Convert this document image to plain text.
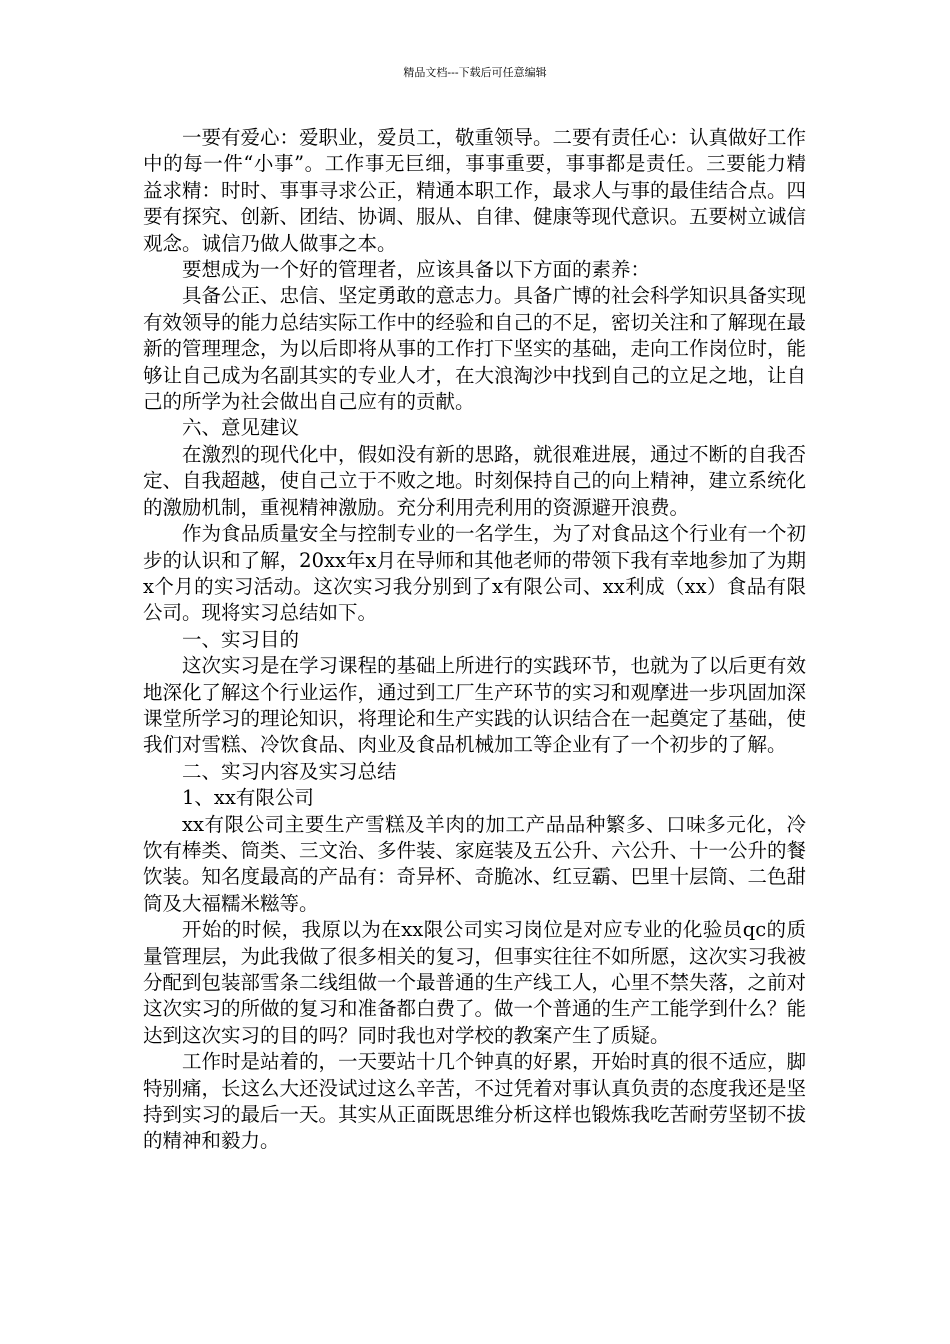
精品文档---下载后可任意编辑

一要有爱心：爱职业，爱员工，敬重领导。二要有责任心：认真做好工作中的每一件“小事”。工作事无巨细，事事重要，事事都是责任。三要能力精益求精：时时、事事寻求公正，精通本职工作，最求人与事的最佳结合点。四要有探究、创新、团结、协调、服从、自律、健康等现代意识。五要树立诚信观念。诚信乃做人做事之本。

要想成为一个好的管理者，应该具备以下方面的素养：

具备公正、忠信、坚定勇敢的意志力。具备广博的社会科学知识具备实现有效领导的能力总结实际工作中的经验和自己的不足，密切关注和了解现在最新的管理理念，为以后即将从事的工作打下坚实的基础，走向工作岗位时，能够让自己成为名副其实的专业人才，在大浪淘沙中找到自己的立足之地，让自己的所学为社会做出自己应有的贡献。

六、意见建议

在激烈的现代化中，假如没有新的思路，就很难进展，通过不断的自我否定、自我超越，使自己立于不败之地。时刻保持自己的向上精神，建立系统化的激励机制，重视精神激励。充分利用壳利用的资源避开浪费。

作为食品质量安全与控制专业的一名学生，为了对食品这个行业有一个初步的认识和了解，20xx年x月在导师和其他老师的带领下我有幸地参加了为期x个月的实习活动。这次实习我分别到了x有限公司、xx利成（xx）食品有限公司。现将实习总结如下。

一、实习目的

这次实习是在学习课程的基础上所进行的实践环节，也就为了以后更有效地深化了解这个行业运作，通过到工厂生产环节的实习和观摩进一步巩固加深课堂所学习的理论知识，将理论和生产实践的认识结合在一起奠定了基础，使我们对雪糕、冷饮食品、肉业及食品机械加工等企业有了一个初步的了解。

二、实习内容及实习总结

1、xx有限公司

xx有限公司主要生产雪糕及羊肉的加工产品品种繁多、口味多元化，冷饮有棒类、筒类、三文治、多件装、家庭装及五公升、六公升、十一公升的餐饮装。知名度最高的产品有：奇异杯、奇脆冰、红豆霸、巴里十层筒、二色甜筒及大福糯米糍等。

开始的时候，我原以为在xx限公司实习岗位是对应专业的化验员qc的质量管理层，为此我做了很多相关的复习，但事实往往不如所愿，这次实习我被分配到包装部雪条二线组做一个最普通的生产线工人，心里不禁失落，之前对这次实习的所做的复习和准备都白费了。做一个普通的生产工能学到什么？能达到这次实习的目的吗？同时我也对学校的教案产生了质疑。

工作时是站着的，一天要站十几个钟真的好累，开始时真的很不适应，脚特别痛，长这么大还没试过这么辛苦，不过凭着对事认真负责的态度我还是坚持到实习的最后一天。其实从正面既思维分析这样也锻炼我吃苦耐劳坚韧不拔的精神和毅力。
